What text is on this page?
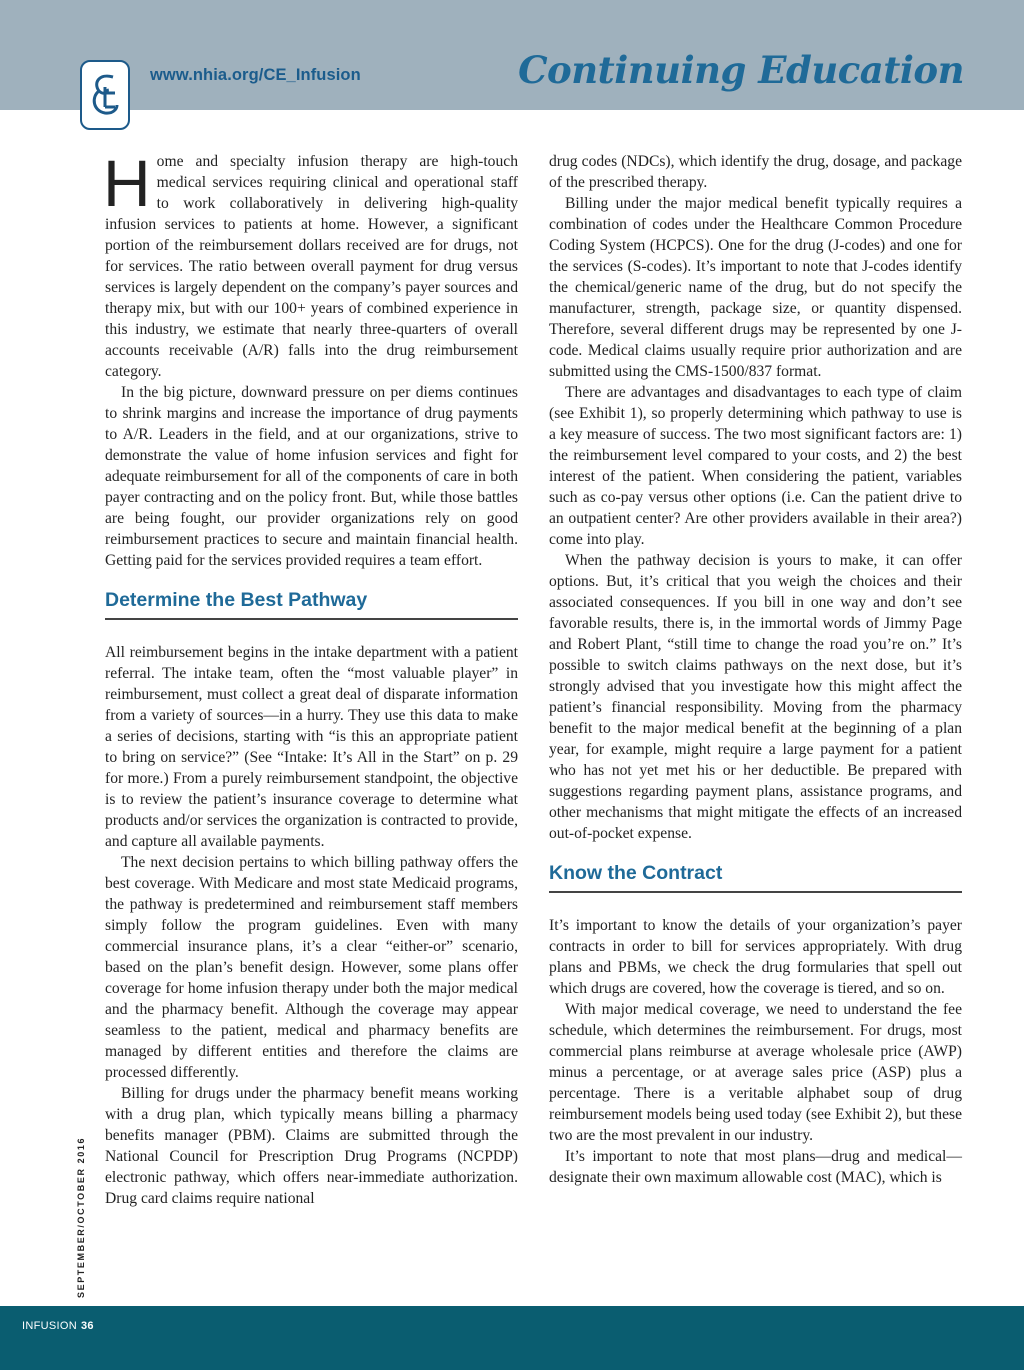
www.nhia.org/CE_Infusion	Continuing Education

Home and specialty infusion therapy are high-touch medical services requiring clinical and operational staff to work collaboratively in delivering high-quality infusion services to patients at home. However, a significant portion of the reimbursement dollars received are for drugs, not for services. The ratio between overall payment for drug versus services is largely dependent on the company’s payer sources and therapy mix, but with our 100+ years of combined experience in this industry, we estimate that nearly three-quarters of overall accounts receivable (A/R) falls into the drug reimbursement category.

In the big picture, downward pressure on per diems continues to shrink margins and increase the importance of drug payments to A/R. Leaders in the field, and at our organizations, strive to demonstrate the value of home infusion services and fight for adequate reimbursement for all of the components of care in both payer contracting and on the policy front. But, while those battles are being fought, our provider organizations rely on good reimbursement practices to secure and maintain financial health. Getting paid for the services provided requires a team effort.

Determine the Best Pathway

All reimbursement begins in the intake department with a patient referral. The intake team, often the “most valuable player” in reimbursement, must collect a great deal of disparate information from a variety of sources—in a hurry. They use this data to make a series of decisions, starting with “is this an appropriate patient to bring on service?” (See “Intake: It’s All in the Start” on p. 29 for more.) From a purely reimbursement standpoint, the objective is to review the patient’s insurance coverage to determine what products and/or services the organization is contracted to provide, and capture all available payments.

The next decision pertains to which billing pathway offers the best coverage. With Medicare and most state Medicaid programs, the pathway is predetermined and reimbursement staff members simply follow the program guidelines. Even with many commercial insurance plans, it’s a clear “either-or” scenario, based on the plan’s benefit design. However, some plans offer coverage for home infusion therapy under both the major medical and the pharmacy benefit. Although the coverage may appear seamless to the patient, medical and pharmacy benefits are managed by different entities and therefore the claims are processed differently.

Billing for drugs under the pharmacy benefit means working with a drug plan, which typically means billing a pharmacy benefits manager (PBM). Claims are submitted through the National Council for Prescription Drug Programs (NCPDP) electronic pathway, which offers near-immediate authorization. Drug card claims require national

drug codes (NDCs), which identify the drug, dosage, and package of the prescribed therapy.

Billing under the major medical benefit typically requires a combination of codes under the Healthcare Common Procedure Coding System (HCPCS). One for the drug (J-codes) and one for the services (S-codes). It’s important to note that J-codes identify the chemical/generic name of the drug, but do not specify the manufacturer, strength, package size, or quantity dispensed. Therefore, several different drugs may be represented by one J-code. Medical claims usually require prior authorization and are submitted using the CMS-1500/837 format.

There are advantages and disadvantages to each type of claim (see Exhibit 1), so properly determining which pathway to use is a key measure of success. The two most significant factors are: 1) the reimbursement level compared to your costs, and 2) the best interest of the patient. When considering the patient, variables such as co-pay versus other options (i.e. Can the patient drive to an outpatient center? Are other providers available in their area?) come into play.

When the pathway decision is yours to make, it can offer options. But, it’s critical that you weigh the choices and their associated consequences. If you bill in one way and don’t see favorable results, there is, in the immortal words of Jimmy Page and Robert Plant, “still time to change the road you’re on.” It’s possible to switch claims pathways on the next dose, but it’s strongly advised that you investigate how this might affect the patient’s financial responsibility. Moving from the pharmacy benefit to the major medical benefit at the beginning of a plan year, for example, might require a large payment for a patient who has not yet met his or her deductible. Be prepared with suggestions regarding payment plans, assistance programs, and other mechanisms that might mitigate the effects of an increased out-of-pocket expense.

Know the Contract

It’s important to know the details of your organization’s payer contracts in order to bill for services appropriately. With drug plans and PBMs, we check the drug formularies that spell out which drugs are covered, how the coverage is tiered, and so on.

With major medical coverage, we need to understand the fee schedule, which determines the reimbursement. For drugs, most commercial plans reimburse at average wholesale price (AWP) minus a percentage, or at average sales price (ASP) plus a percentage. There is a veritable alphabet soup of drug reimbursement models being used today (see Exhibit 2), but these two are the most prevalent in our industry.

It’s important to note that most plans—drug and medical—designate their own maximum allowable cost (MAC), which is

SEPTEMBER/OCTOBER 2016
INFUSION 36
